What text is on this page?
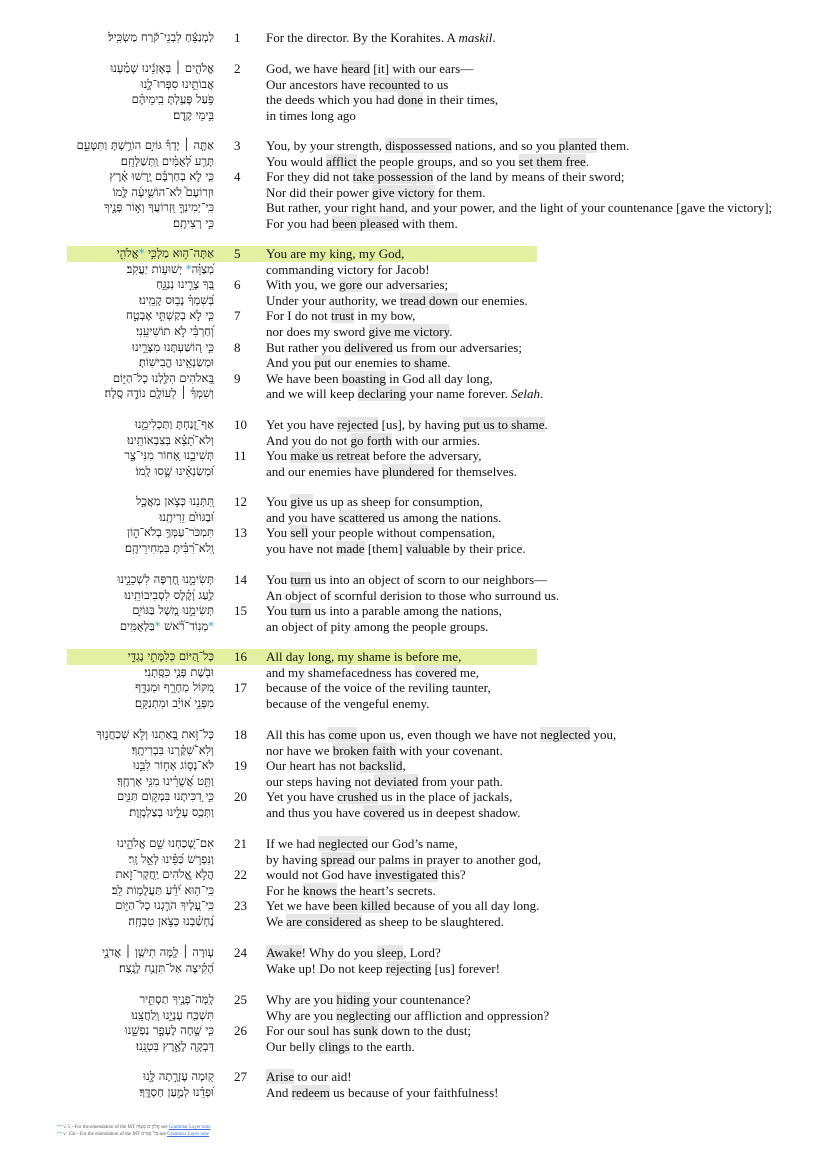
לַמְנַצֵּ֬חַ לִבְנֵי־קֹ֬רַח מַשְׂכִּֽיל׃ 1	For the director. By the Korahites. A maskil.
אֱלֹהִ֤ים ׀ בְּאָזְנֵ֬ינוּ שָׁמַ֗עְנוּ 2	God, we have heard [it] with our ears—
אֲבוֹתֵ֥ינוּ סִפְּרוּ־לָ֑נוּ	Our ancestors have recounted to us
פֹּ֥עַל פָּעַ֥לְתָּ בִֽימֵיהֶ֗ם	the deeds which you had done in their times,
בִּ֣ימֵי קֶֽדֶם׃	in times long ago
אַתָּ֤ה ׀ יָדְךָ֡ גּוֹיִ֣ם הוֹרַ֣שְׁתָּ וַתִּטָּעֵ֑ם 3	You, by your strength, dispossessed nations, and so you planted them.
תָּרַ֥ע לְ֝אֻמִּ֗ים וַֽתְּשַׁלְּחֵֽם׃	You would afflict the people groups, and so you set them free.
כִּ֤י לֹ֪א בְחַרְבָּ֡ם יָ֥רְשׁוּ אָ֗רֶץ 4	For they did not take possession of the land by means of their sword;
וּזְרוֹעָם֮ לֹא־הוֹשִׁ֪יעָ֫ה לָּ֥מוֹ	Nor did their power give victory for them.
כִּֽי־יְמִינְךָ֣ וּ֭זְרוֹעֲךָ וְא֣וֹר פָּנֶ֑יךָ	But rather, your right hand, and your power, and the light of your countenance [gave the victory];
כִּ֣י רְצִיתָֽם׃	For you had been pleased with them.
אַתָּה־ה֣וּא מַלְכִּ֣י *אֱלֹהִ֑י	5	You are my king, my God,
מְ֝צַוֵּ֗ה* יְשׁוּע֥וֹת יַעֲקֹֽב׃	commanding victory for Jacob!
בְּ֭ךָ צָרֵ֣ינוּ נְנַגֵּ֑חַ 6	With you, we gore our adversaries;
בְּ֝שִׁמְךָ֗ נָב֥וּס קָמֵֽינוּ׃	Under your authority, we tread down our enemies.
כִּ֤י לֹ֣א בְקַשְׁתִּ֣י אֶבְטָ֑ח 7	For I do not trust in my bow,
וְ֝חַרְבִּ֗י לֹ֣א תוֹשִׁיעֵֽנִי׃	nor does my sword give me victory.
כִּ֣י ה֭וֹשַׁעְתָּנוּ מִצָּרֵ֑ינוּ 8	But rather you delivered us from our adversaries;
וּמְשַׂנְאֵ֥ינוּ הֱבִישֽׁוֹתָ׃	And you put our enemies to shame.
בֵּ֭אלֹהִים הִלַּ֣לְנוּ כָל־הַיּ֑וֹם 9	We have been boasting in God all day long,
וְשִׁמְךָ֓ ׀ לְעוֹלָ֖ם נוֹדֶ֣ה סֶֽלָה׃	and we will keep declaring your name forever. Selah.
אַף־זָ֭נַחְתָּ וַתַּכְלִימֵ֑נוּ 10	Yet you have rejected [us], by having put us to shame.
וְלֹא־תֵ֝צֵ֗א בְּצִבְאוֹתֵֽינוּ׃	And you do not go forth with our armies.
תְּשִׁיבֵ֣נוּ אָ֭חוֹר מִנִּי־צָ֑ר 11	You make us retreat before the adversary,
וּ֝מְשַׂנְאֵ֗ינוּ שָׁ֣סוּ לָֽמוֹ׃	and our enemies have plundered for themselves.
תִּ֭תְּנֵנוּ כְּצֹ֣אן מַאֲכָ֑ל 12	You give us up as sheep for consumption,
וּ֝בַגּוֹיִ֗ם זֵרִיתָֽנוּ׃	and you have scattered us among the nations.
תִּמְכֹּר־עַמְּךָ֥ בְלֹא־ה֑וֹן 13	You sell your people without compensation,
וְֽלֹא־רִ֝בִּ֗יתָ בִּמְחִירֵיהֶֽם׃	you have not made [them] valuable by their price.
תְּשִׂימֵ֣נוּ חֶ֭רְפָּה לִשְׁכֵנֵ֑ינוּ 14	You turn us into an object of scorn to our neighbors—
לַ֥עַג וָ֝קֶ֗לֶס לִסְבִיבוֹתֵֽינוּ׃	An object of scornful derision to those who surround us.
תְּשִׂימֵ֣נוּ מָ֭שָׁל בַּגּוֹיִ֑ם 15	You turn us into a parable among the nations,
*מְנֽוֹד־רֹ֝֗אשׁ *בַּלְאֻמִּֽים	an object of pity among the people groups.
כָּל־הַ֭יּוֹם כְּלִמָּתִ֣י נֶגְדִּ֑י 16	All day long, my shame is before me,
וּבֹ֖שֶׁת פָּנַ֣י כִּסָּֽתְנִי׃	and my shamefacedness has covered me,
מִ֭קּוֹל מְחָרֵ֣ף וּמְגַדֵּ֑ף 17	because of the voice of the reviling taunter,
מִפְּנֵ֥י א֝וֹיֵ֗ב וּמִתְנַקֵּֽם׃	because of the vengeful enemy.
כָּל־זֹ֣את בָּ֭אַתְנוּ וְלֹ֣א שְׁכַחֲנ֑וּךָ 18	All this has come upon us, even though we have not neglected you,
וְלֹֽא־שִׁ֝קַּ֗רְנוּ בִּבְרִיתֶֽךָ׃	nor have we broken faith with your covenant.
לֹא־נָס֣וֹג אָח֣וֹר לִבֵּ֑נוּ 19	Our heart has not backslid,
וַתֵּ֥ט אֲ֝שֻׁרֵ֗ינוּ מִנִּ֥י אָרְחֶֽךָ׃	our steps having not deviated from your path.
כִּ֣י דִ֭כִּיתָנוּ בִּמְק֣וֹם תַּנִּ֑ים 20	Yet you have crushed us in the place of jackals,
וַתְּכַ֖ס עָלֵ֣ינוּ בְצַלְמָֽוֶת׃	and thus you have covered us in deepest shadow.
אִם־שָׁ֭כַחְנוּ שֵׁ֣ם אֱלֹהֵ֑ינוּ 21	If we had neglected our God’s name,
וַנִּפְרֹ֥שׂ כַּ֝פֵּ֗ינוּ לְאֵ֣ל זָֽר׃	by having spread our palms in prayer to another god,
הֲלֹ֣א אֱ֭לֹהִים יַֽחֲקָר־זֹ֑את 22	would not God have investigated this?
כִּֽי־ה֥וּא יֹ֝דֵ֗עַ תַּעֲלֻמ֥וֹת לֵֽב׃	For he knows the heart’s secrets.
כִּֽי־עָ֭לֶיךָ הֹרַ֣גְנוּ כָל־הַיּ֑וֹם 23	Yet we have been killed because of you all day long.
נֶ֝חְשַׁ֗בְנוּ כְּצֹ֣אן טִבְחָֽה׃	We are considered as sheep to be slaughtered.
ע֤וּרָה ׀ לָ֖מָּה תִישַׁ֥ן ׀ אֲדֹנָ֑י 24	Awake! Why do you sleep, Lord?
הָ֝קִ֗יצָה אַל־תִּזְנַ֥ח לָנֶֽצַח׃	Wake up! Do not keep rejecting [us] forever!
לָֽמָּה־פָנֶ֥יךָ תַסְתִּ֑יר 25	Why are you hiding your countenance?
תִּשְׁכַּ֖ח עָנְיֵ֣נוּ וְֽלַחֲצֵֽנוּ׃	Why are you neglecting our affliction and oppression?
כִּ֤י שָׁ֣חָה לֶעָפָ֣ר נַפְשֵׁ֑נוּ 26	For our soul has sunk down to the dust;
דָּבְקָ֖ה לָאָ֣רֶץ בִּטְנֵֽנוּ׃	Our belly clings to the earth.
ק֭וּמָה עֶזְרָ֣תָה לָּ֑נוּ 27	Arise to our aid!
וּ֝פְדֵ֗נוּ לְמַ֣עַן חַסְדֶּֽךָ׃	And redeem us because of your faithfulness!
** v. 5 - For the emendation of the MT ‎אֱלֹהִ֑ים מְ֝צַוֵּ֗ה‎ see Grammar Layer note
** v. 15b - For the emendation of the MT ‎בַּל־אֻמִּֽים‎ see Grammar Layer note
